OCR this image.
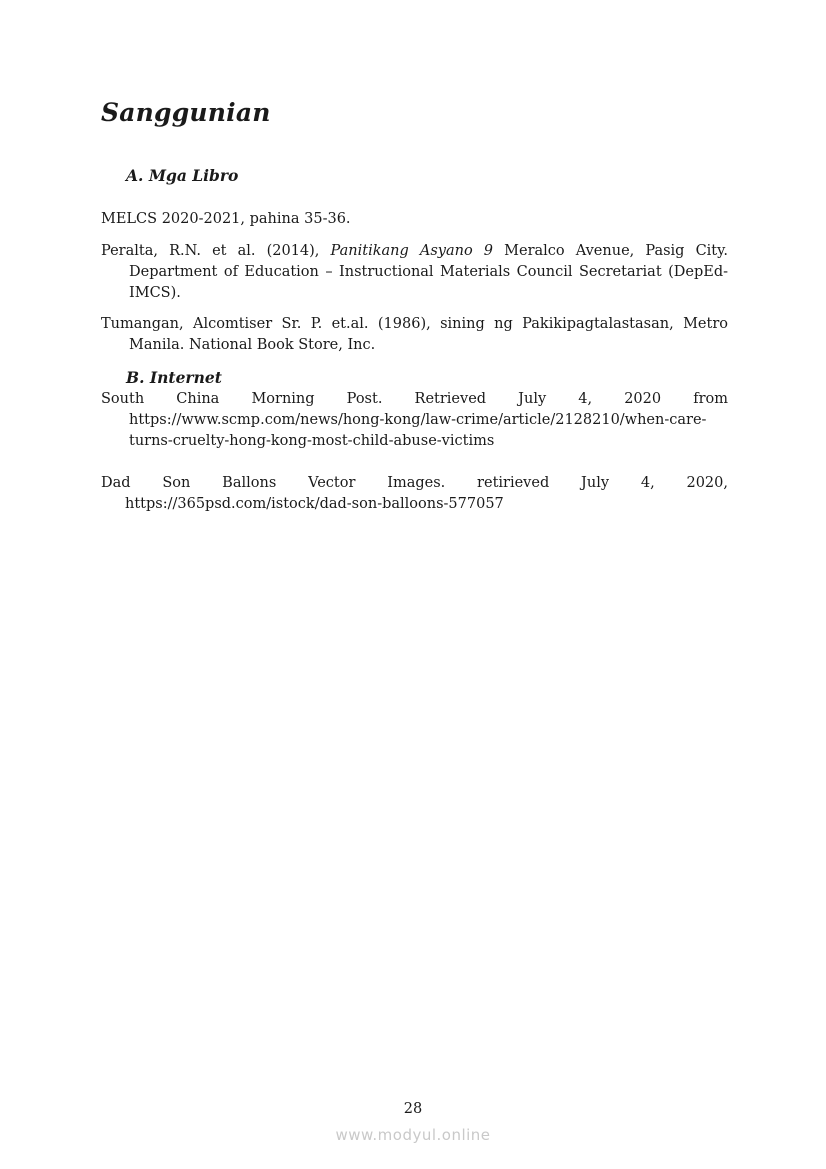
Sanggunian
A. Mga Libro

MELCS 2020-2021, pahina 35-36.

Peralta, R.N. et al. (2014), Panitikang Asyano 9 Meralco Avenue, Pasig City. Department of Education – Instructional Materials Council Secretariat (DepEd-IMCS).

Tumangan, Alcomtiser Sr. P. et.al. (1986), sining ng Pakikipagtalastasan, Metro Manila. National Book Store, Inc.

B. Internet

South China Morning Post. Retrieved July 4, 2020 from https://www.scmp.com/news/hong-kong/law-crime/article/2128210/when-care-turns-cruelty-hong-kong-most-child-abuse-victims

Dad Son Ballons Vector Images. retirieved July 4, 2020, https://365psd.com/istock/dad-son-balloons-577057

28

www.modyul.online
